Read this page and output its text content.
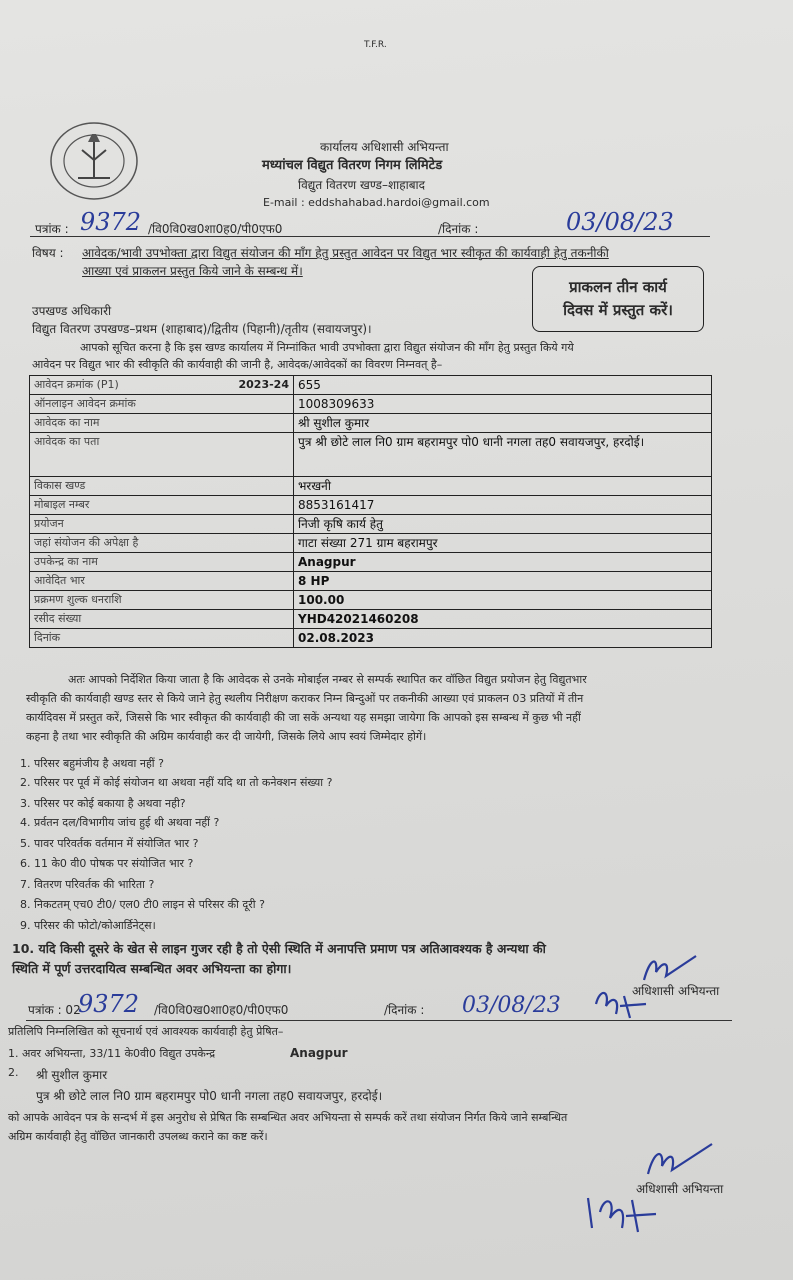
T.F.R.
कार्यालय अधिशासी अभियन्ता
मध्यांचल विद्युत वितरण निगम लिमिटेड
विद्युत वितरण खण्ड–शाहाबाद
E-mail : eddshahabad.hardoi@gmail.com
पत्रांक : 9372 /वि0वि0ख0शा0ह0/पी0एफ0	/दिनांक :	03/08/23
विषय : आवेदक/भावी उपभोक्ता द्वारा विद्युत संयोजन की माँग हेतु प्रस्तुत आवेदन पर विद्युत भार स्वीकृत की कार्यवाही हेतु तकनीकी
आख्या एवं प्राकलन प्रस्तुत किये जाने के सम्बन्ध में।
प्राकलन तीन कार्य
दिवस में प्रस्तुत करें।
उपखण्ड अधिकारी
विद्युत वितरण उपखण्ड–प्रथम (शाहाबाद)/द्वितीय (पिहानी)/तृतीय (सवायजपुर)।
आपको सूचित करना है कि इस खण्ड कार्यालय में निम्नांकित भावी उपभोक्ता द्वारा विद्युत संयोजन की माँग हेतु प्रस्तुत किये गये
आवेदन पर विद्युत भार की स्वीकृति की कार्यवाही की जानी है, आवेदक/आवेदकों का विवरण निम्नवत् है–
आवेदन क्रमांक (P1) 2023-24	655
ऑनलाइन आवेदन क्रमांक	1008309633
आवेदक का नाम	श्री सुशील कुमार
आवेदक का पता	पुत्र श्री छोटे लाल नि0 ग्राम बहरामपुर पो0 धानी नगला तह0 सवायजपुर, हरदोई।
विकास खण्ड	भरखनी
मोबाइल नम्बर	8853161417
प्रयोजन	निजी कृषि कार्य हेतु
जहां संयोजन की अपेक्षा है	गाटा संख्या 271 ग्राम बहरामपुर
उपकेन्द्र का नाम	Anagpur
आवेदित भार	8 HP
प्रक्रमण शुल्क धनराशि	100.00
रसीद संख्या	YHD42021460208
दिनांक	02.08.2023
अतः आपको निर्देशित किया जाता है कि आवेदक से उनके मोबाईल नम्बर से सम्पर्क स्थापित कर वॉछित विद्युत प्रयोजन हेतु विद्युतभार
स्वीकृति की कार्यवाही खण्ड स्तर से किये जाने हेतु स्थलीय निरीक्षण कराकर निम्न बिन्दुओं पर तकनीकी आख्या एवं प्राकलन 03 प्रतियों में तीन
कार्यदिवस में प्रस्तुत करें, जिससे कि भार स्वीकृत की कार्यवाही की जा सकें अन्यथा यह समझा जायेगा कि आपको इस सम्बन्ध में कुछ भी नहीं
कहना है तथा भार स्वीकृति की अग्रिम कार्यवाही कर दी जायेगी, जिसके लिये आप स्वयं जिम्मेदार होगें।
1. परिसर बहुमंजीय है अथवा नहीं ?
2. परिसर पर पूर्व में कोई संयोजन था अथवा नहीं यदि था तो कनेक्शन संख्या ?
3. परिसर पर कोई बकाया है अथवा नही?
4. प्रर्वतन दल/विभागीय जांच हुई थी अथवा नहीं ?
5. पावर परिवर्तक वर्तमान में संयोजित भार ?
6. 11 के0 वी0 पोषक पर संयोजित भार ?
7. वितरण परिवर्तक की भारिता ?
8. निकटतम् एच0 टी0/ एल0 टी0 लाइन से परिसर की दूरी ?
9. परिसर की फोटो/कोआर्डिनेट्स।
10. यदि किसी दूसरे के खेत से लाइन गुजर रही है तो ऐसी स्थिति में अनापत्ति प्रमाण पत्र अतिआवश्यक है अन्यथा की
स्थिति में पूर्ण उत्तरदायित्व सम्बन्धित अवर अभियन्ता का होगा।
अधिशासी अभियन्ता
पत्रांक : 02
9372 /वि0वि0ख0शा0ह0/पी0एफ0	/दिनांक : 03/08/23
प्रतिलिपि निम्नलिखित को सूचनार्थ एवं आवश्यक कार्यवाही हेतु प्रेषित–
1. अवर अभियन्ता, 33/11 के0वी0 विद्युत उपकेन्द्र	Anagpur
2. श्री सुशील कुमार
पुत्र श्री छोटे लाल नि0 ग्राम बहरामपुर पो0 धानी नगला तह0 सवायजपुर, हरदोई।
को आपके आवेदन पत्र के सन्दर्भ में इस अनुरोध से प्रेषित कि सम्बन्धित अवर अभियन्ता से सम्पर्क करें तथा संयोजन निर्गत किये जाने सम्बन्धित
अग्रिम कार्यवाही हेतु वॉछित जानकारी उपलब्ध कराने का कष्ट करें।
अधिशासी अभियन्ता
